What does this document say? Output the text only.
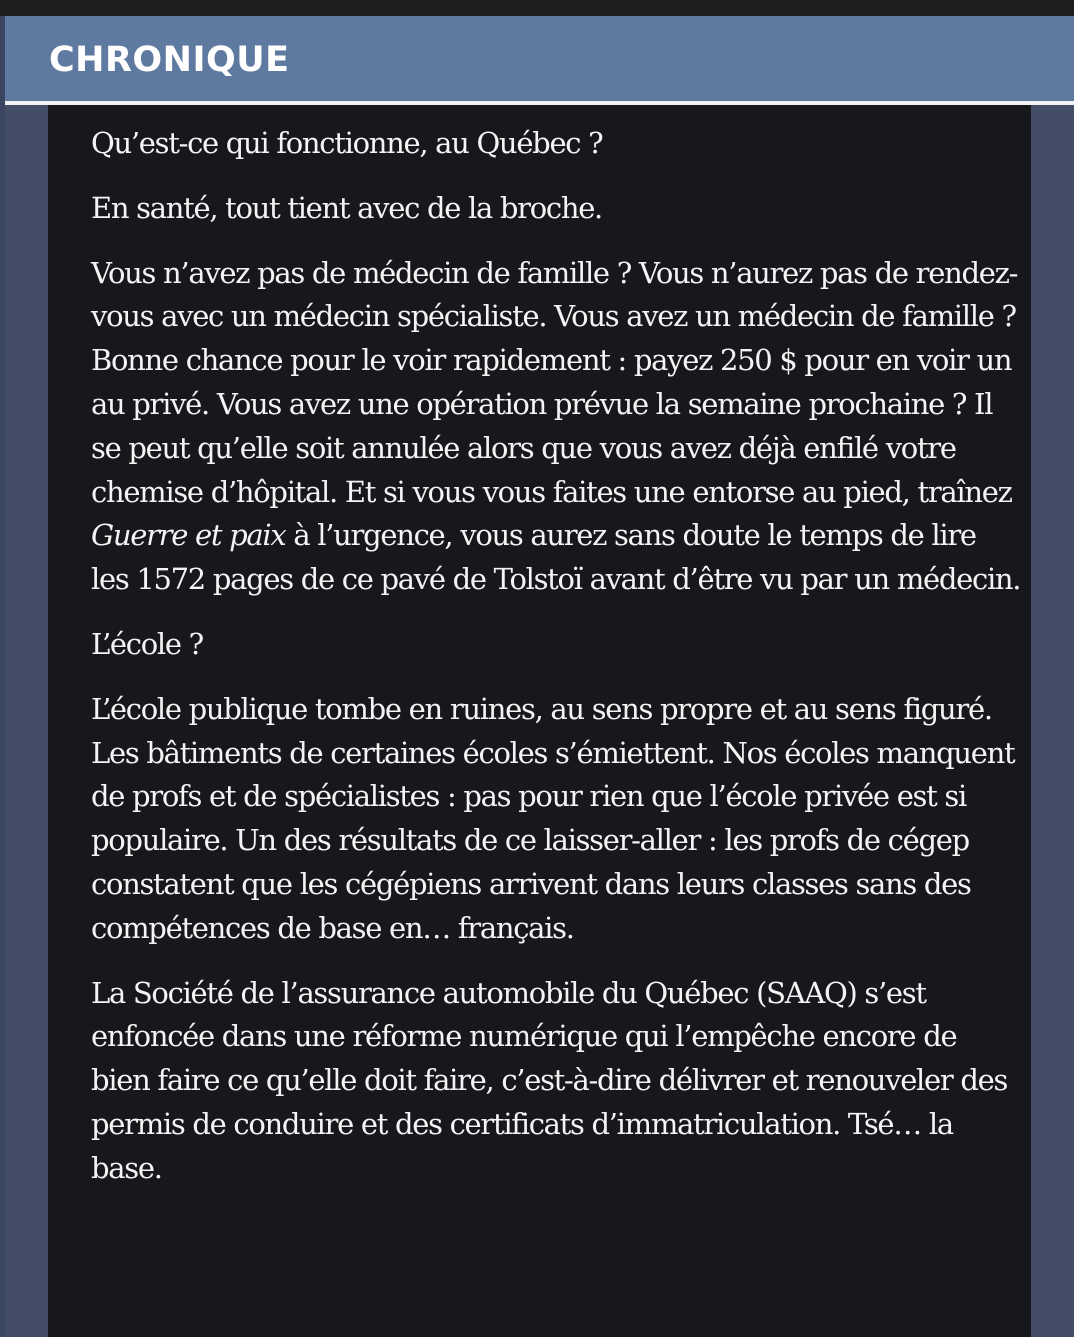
CHRONIQUE

Qu’est-ce qui fonctionne, au Québec ?

En santé, tout tient avec de la broche.

Vous n’avez pas de médecin de famille ? Vous n’aurez pas de rendez-vous avec un médecin spécialiste. Vous avez un médecin de famille ? Bonne chance pour le voir rapidement : payez 250 $ pour en voir un au privé. Vous avez une opération prévue la semaine prochaine ? Il se peut qu’elle soit annulée alors que vous avez déjà enfilé votre chemise d’hôpital. Et si vous vous faites une entorse au pied, traînez Guerre et paix à l’urgence, vous aurez sans doute le temps de lire les 1572 pages de ce pavé de Tolstoï avant d’être vu par un médecin.

L’école ?

L’école publique tombe en ruines, au sens propre et au sens figuré. Les bâtiments de certaines écoles s’émiettent. Nos écoles manquent de profs et de spécialistes : pas pour rien que l’école privée est si populaire. Un des résultats de ce laisser-aller : les profs de cégep constatent que les cégépiens arrivent dans leurs classes sans des compétences de base en… français.

La Société de l’assurance automobile du Québec (SAAQ) s’est enfoncée dans une réforme numérique qui l’empêche encore de bien faire ce qu’elle doit faire, c’est-à-dire délivrer et renouveler des permis de conduire et des certificats d’immatriculation. Tsé… la base.
